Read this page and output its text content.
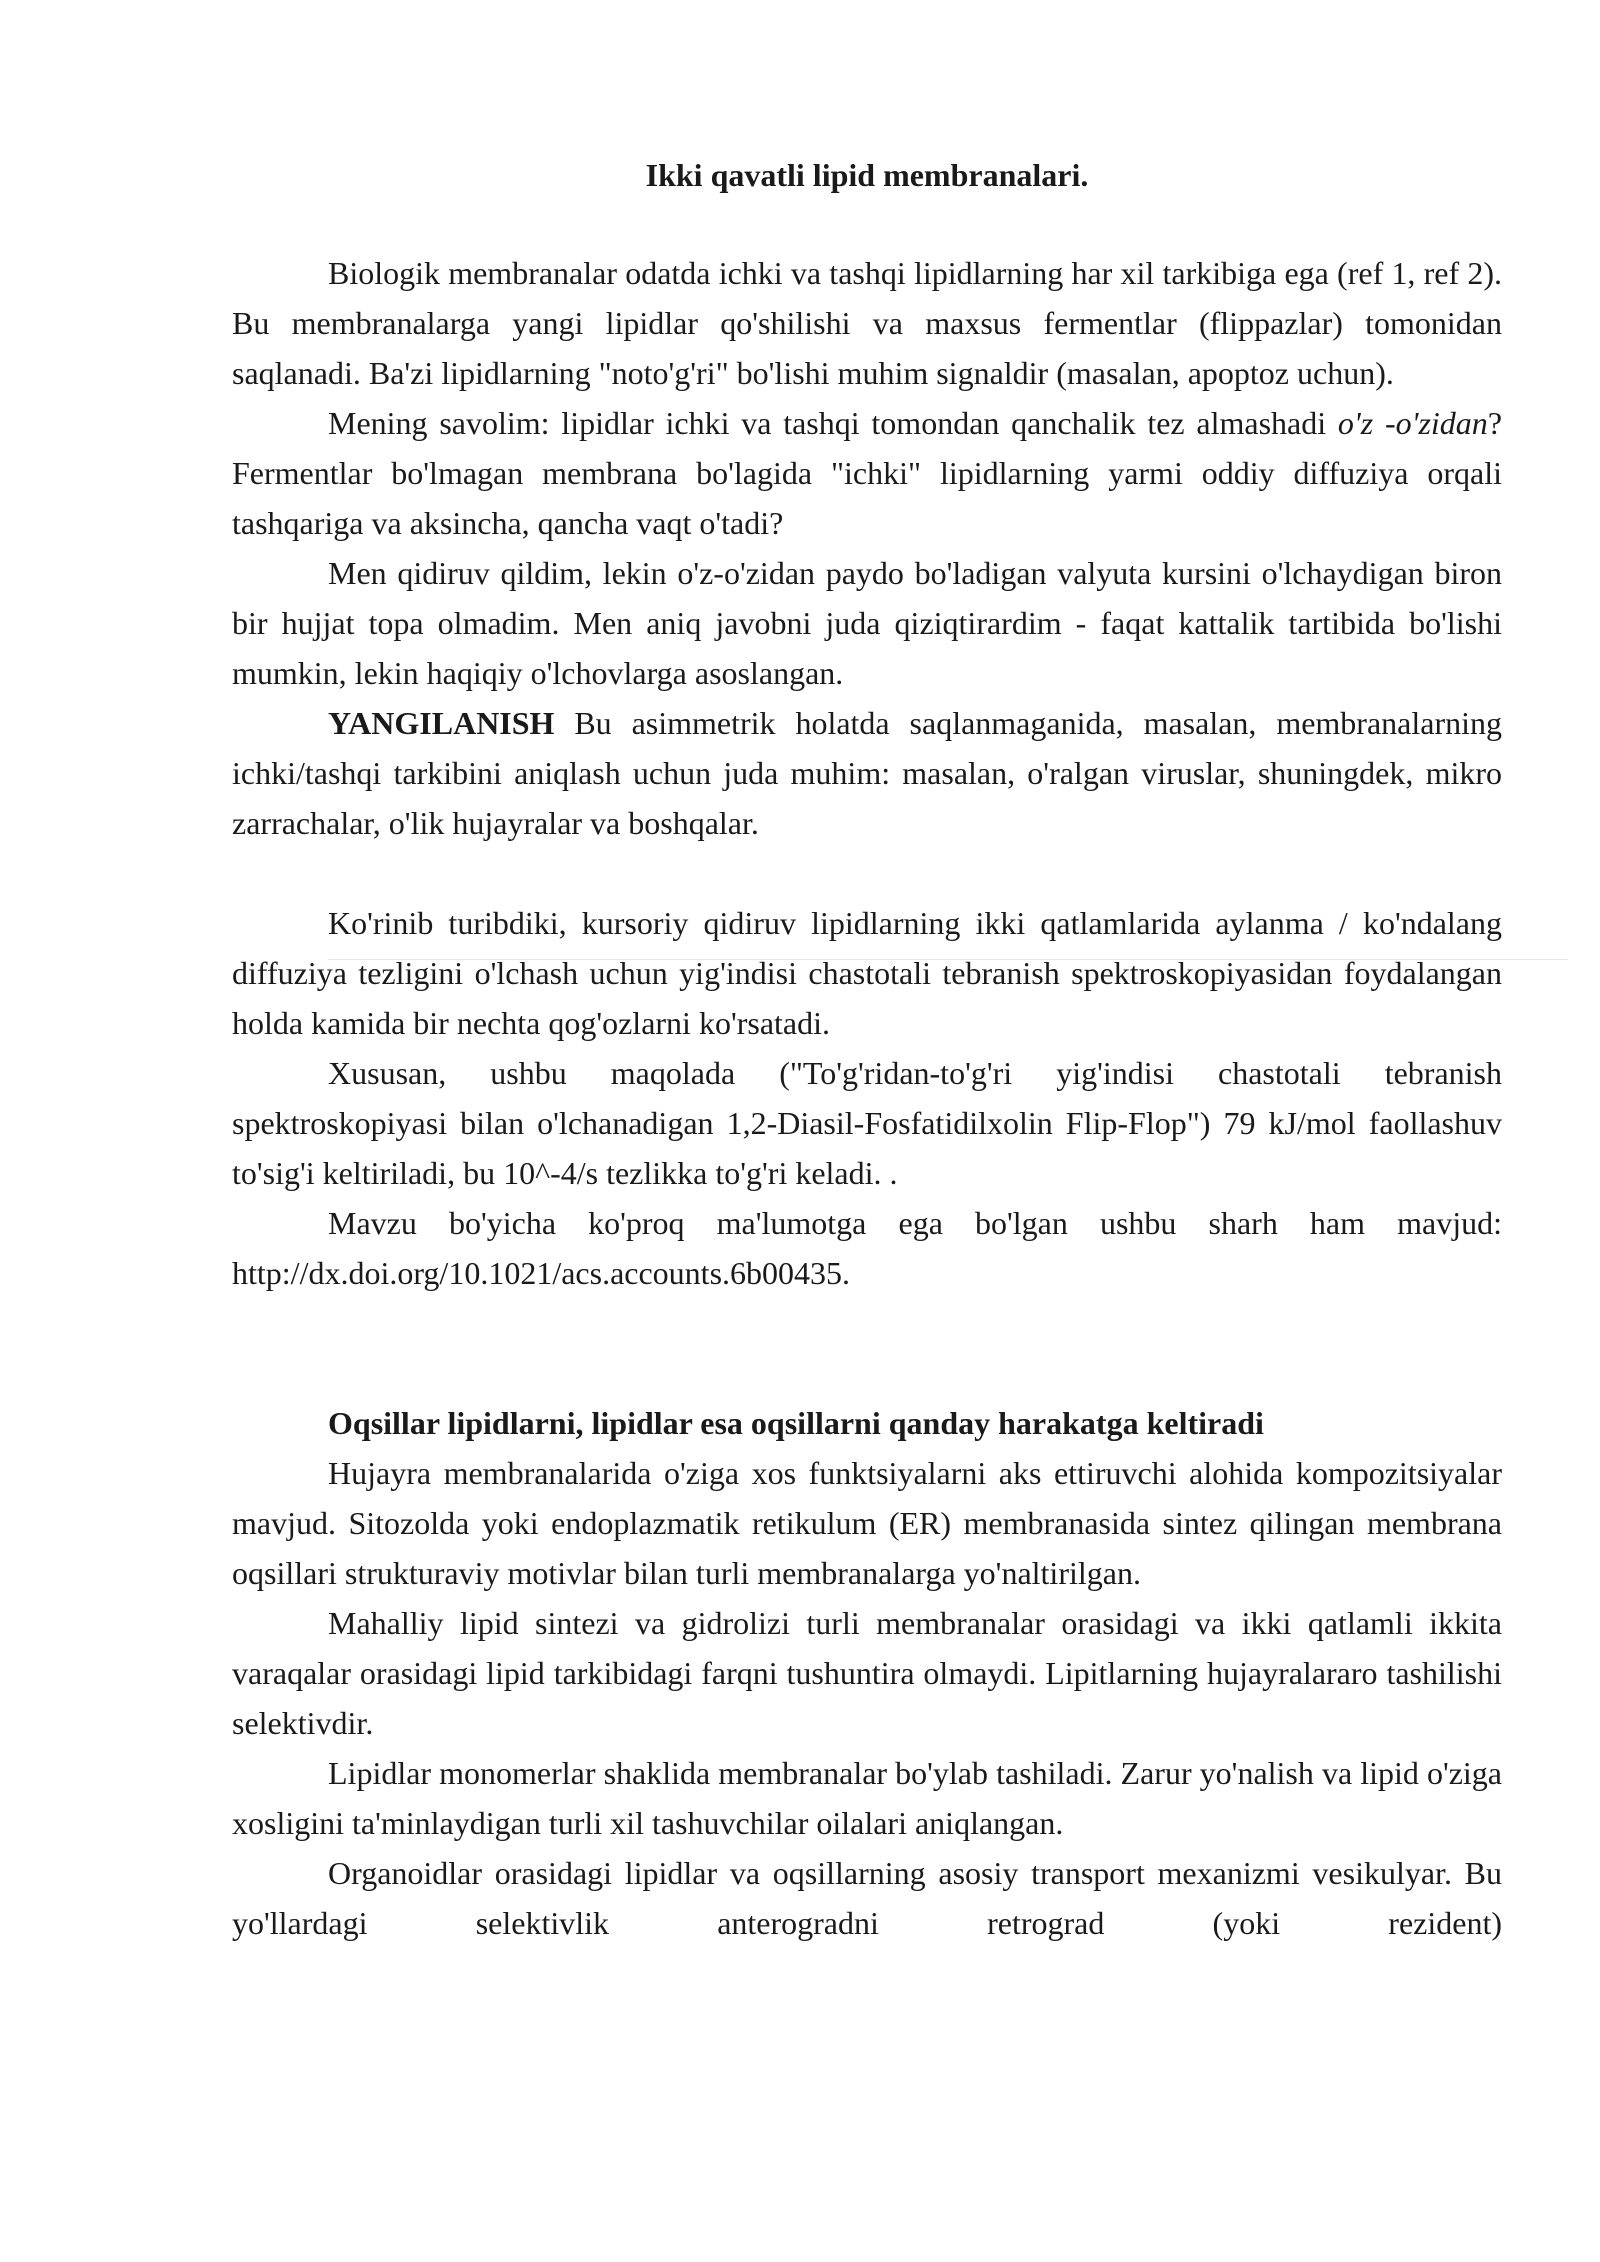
Ikki qavatli lipid membranalari.

Biologik membranalar odatda ichki va tashqi lipidlarning har xil tarkibiga ega (ref 1, ref 2). Bu membranalarga yangi lipidlar qo'shilishi va maxsus fermentlar (flippazlar) tomonidan saqlanadi. Ba'zi lipidlarning "noto'g'ri" bo'lishi muhim signaldir (masalan, apoptoz uchun).

Mening savolim: lipidlar ichki va tashqi tomondan qanchalik tez almashadi o'z -o'zidan? Fermentlar bo'lmagan membrana bo'lagida "ichki" lipidlarning yarmi oddiy diffuziya orqali tashqariga va aksincha, qancha vaqt o'tadi?

Men qidiruv qildim, lekin o'z-o'zidan paydo bo'ladigan valyuta kursini o'lchaydigan biron bir hujjat topa olmadim. Men aniq javobni juda qiziqtirardim - faqat kattalik tartibida bo'lishi mumkin, lekin haqiqiy o'lchovlarga asoslangan.

YANGILANISH Bu asimmetrik holatda saqlanmaganida, masalan, membranalarning ichki/tashqi tarkibini aniqlash uchun juda muhim: masalan, o'ralgan viruslar, shuningdek, mikro zarrachalar, o'lik hujayralar va boshqalar.

Ko'rinib turibdiki, kursoriy qidiruv lipidlarning ikki qatlamlarida aylanma / ko'ndalang diffuziya tezligini o'lchash uchun yig'indisi chastotali tebranish spektroskopiyasidan foydalangan holda kamida bir nechta qog'ozlarni ko'rsatadi.

Xususan, ushbu maqolada ("To'g'ridan-to'g'ri yig'indisi chastotali tebranish spektroskopiyasi bilan o'lchanadigan 1,2-Diasil-Fosfatidilxolin Flip-Flop") 79 kJ/mol faollashuv to'sig'i keltiriladi, bu 10^-4/s tezlikka to'g'ri keladi. .

Mavzu bo'yicha ko'proq ma'lumotga ega bo'lgan ushbu sharh ham mavjud: http://dx.doi.org/10.1021/acs.accounts.6b00435.

Oqsillar lipidlarni, lipidlar esa oqsillarni qanday harakatga keltiradi

Hujayra membranalarida o'ziga xos funktsiyalarni aks ettiruvchi alohida kompozitsiyalar mavjud. Sitozolda yoki endoplazmatik retikulum (ER) membranasida sintez qilingan membrana oqsillari strukturaviy motivlar bilan turli membranalarga yo'naltirilgan.

Mahalliy lipid sintezi va gidrolizi turli membranalar orasidagi va ikki qatlamli ikkita varaqalar orasidagi lipid tarkibidagi farqni tushuntira olmaydi. Lipitlarning hujayralararo tashilishi selektivdir.

Lipidlar monomerlar shaklida membranalar bo'ylab tashiladi. Zarur yo'nalish va lipid o'ziga xosligini ta'minlaydigan turli xil tashuvchilar oilalari aniqlangan.

Organoidlar orasidagi lipidlar va oqsillarning asosiy transport mexanizmi vesikulyar. Bu yo'llardagi selektivlik anterogradni retrograd (yoki rezident)
